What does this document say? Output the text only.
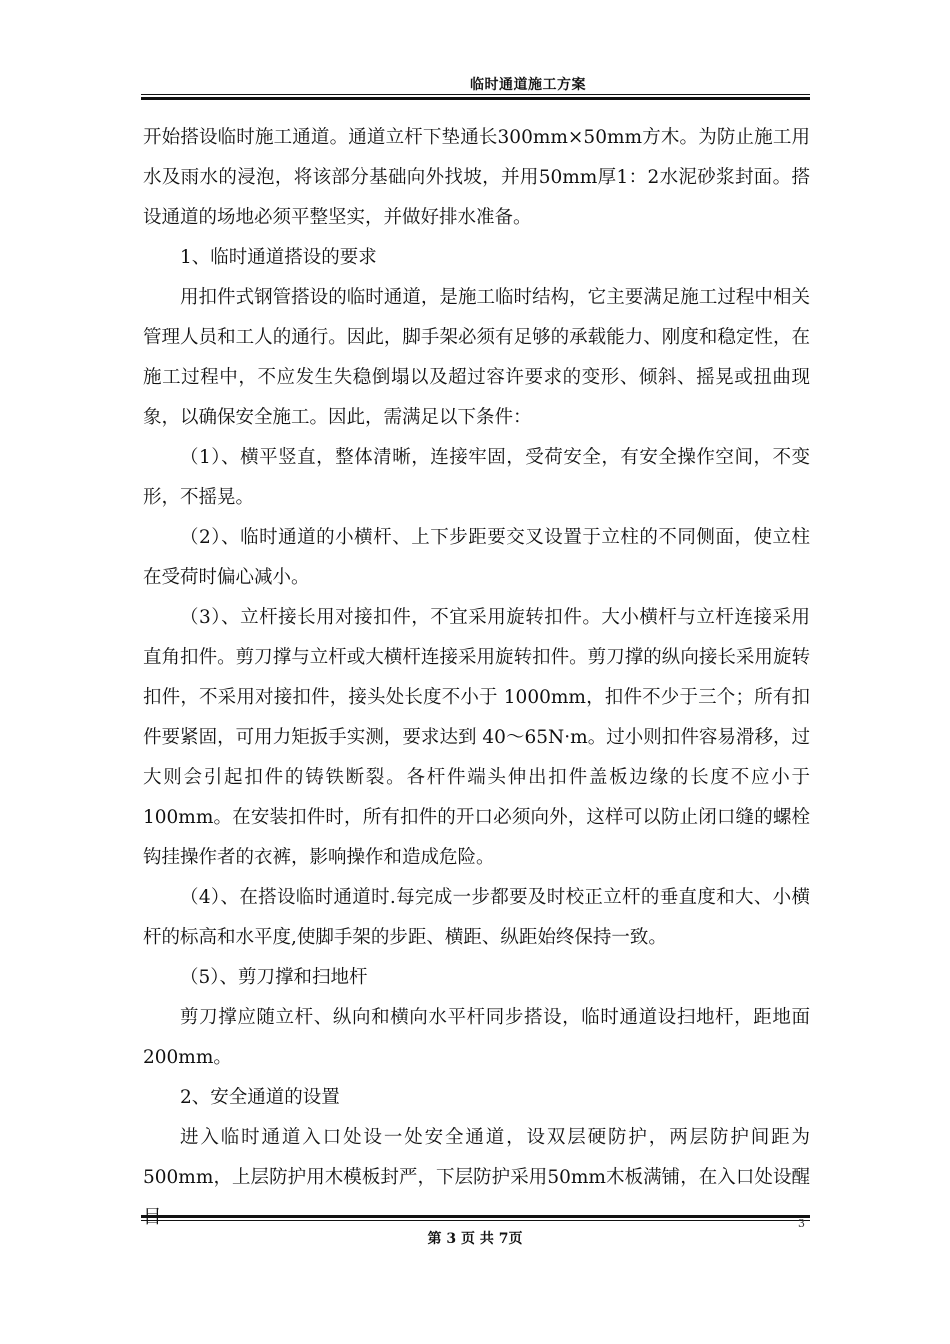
临时通道施工方案

开始搭设临时施工通道。通道立杆下垫通长300mm×50mm方木。为防止施工用水及雨水的浸泡，将该部分基础向外找坡，并用50mm厚1：2水泥砂浆封面。搭设通道的场地必须平整坚实，并做好排水准备。

1、临时通道搭设的要求

用扣件式钢管搭设的临时通道，是施工临时结构，它主要满足施工过程中相关管理人员和工人的通行。因此，脚手架必须有足够的承载能力、刚度和稳定性，在施工过程中，不应发生失稳倒塌以及超过容许要求的变形、倾斜、摇晃或扭曲现象，以确保安全施工。因此，需满足以下条件：

（1）、横平竖直，整体清晰，连接牢固，受荷安全，有安全操作空间，不变形，不摇晃。

（2）、临时通道的小横杆、上下步距要交叉设置于立柱的不同侧面，使立柱在受荷时偏心减小。

（3）、立杆接长用对接扣件，不宜采用旋转扣件。大小横杆与立杆连接采用直角扣件。剪刀撑与立杆或大横杆连接采用旋转扣件。剪刀撑的纵向接长采用旋转扣件，不采用对接扣件，接头处长度不小于 1000mm，扣件不少于三个；所有扣件要紧固，可用力矩扳手实测，要求达到 40～65N·m。过小则扣件容易滑移，过大则会引起扣件的铸铁断裂。各杆件端头伸出扣件盖板边缘的长度不应小于100mm。在安装扣件时，所有扣件的开口必须向外，这样可以防止闭口缝的螺栓钩挂操作者的衣裤，影响操作和造成危险。

（4）、在搭设临时通道时.每完成一步都要及时校正立杆的垂直度和大、小横杆的标高和水平度,使脚手架的步距、横距、纵距始终保持一致。

（5）、剪刀撑和扫地杆

剪刀撑应随立杆、纵向和横向水平杆同步搭设，临时通道设扫地杆，距地面200mm。

2、安全通道的设置

进入临时通道入口处设一处安全通道，设双层硬防护，两层防护间距为500mm，上层防护用木模板封严，下层防护采用50mm木板满铺，在入口处设醒

第 3 页 共 7页
3
